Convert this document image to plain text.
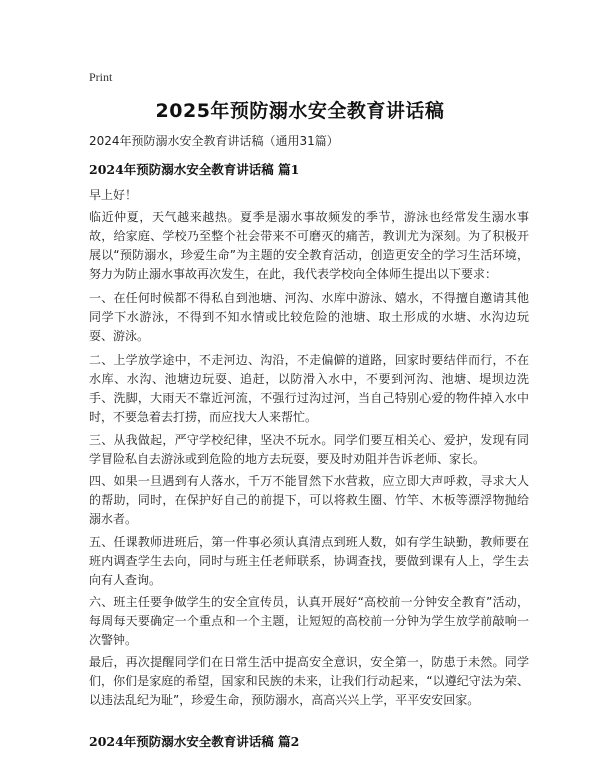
Print
2025年预防溺水安全教育讲话稿
2024年预防溺水安全教育讲话稿（通用31篇）
2024年预防溺水安全教育讲话稿 篇1
早上好！
临近仲夏，天气越来越热。夏季是溺水事故频发的季节，游泳也经常发生溺水事故，给家庭、学校乃至整个社会带来不可磨灭的痛苦，教训尤为深刻。为了积极开展以“预防溺水，珍爱生命”为主题的安全教育活动，创造更安全的学习生活环境，努力为防止溺水事故再次发生，在此，我代表学校向全体师生提出以下要求：
一、在任何时候都不得私自到池塘、河沟、水库中游泳、嬉水，不得擅自邀请其他同学下水游泳，不得到不知水情或比较危险的池塘、取土形成的水塘、水沟边玩耍、游泳。
二、上学放学途中，不走河边、沟沿，不走偏僻的道路，回家时要结伴而行，不在水库、水沟、池塘边玩耍、追赶，以防滑入水中，不要到河沟、池塘、堤坝边洗手、洗脚，大雨天不靠近河流，不强行过沟过河，当自己特别心爱的物件掉入水中时，不要急着去打捞，而应找大人来帮忙。
三、从我做起，严守学校纪律，坚决不玩水。同学们要互相关心、爱护，发现有同学冒险私自去游泳或到危险的地方去玩耍，要及时劝阻并告诉老师、家长。
四、如果一旦遇到有人落水，千万不能冒然下水营救，应立即大声呼救，寻求大人的帮助，同时，在保护好自己的前提下，可以将救生圈、竹竿、木板等漂浮物抛给溺水者。
五、任课教师进班后，第一件事必须认真清点到班人数，如有学生缺勤，教师要在班内调查学生去向，同时与班主任老师联系，协调查找，要做到课有人上，学生去向有人查询。
六、班主任要争做学生的安全宣传员，认真开展好“高校前一分钟安全教育”活动，每周每天要确定一个重点和一个主题，让短短的高校前一分钟为学生放学前敲响一次警钟。
最后，再次提醒同学们在日常生活中提高安全意识，安全第一，防患于未然。同学们，你们是家庭的希望，国家和民族的未来，让我们行动起来，“以遵纪守法为荣、以违法乱纪为耻”，珍爱生命，预防溺水，高高兴兴上学，平平安安回家。
2024年预防溺水安全教育讲话稿 篇2
